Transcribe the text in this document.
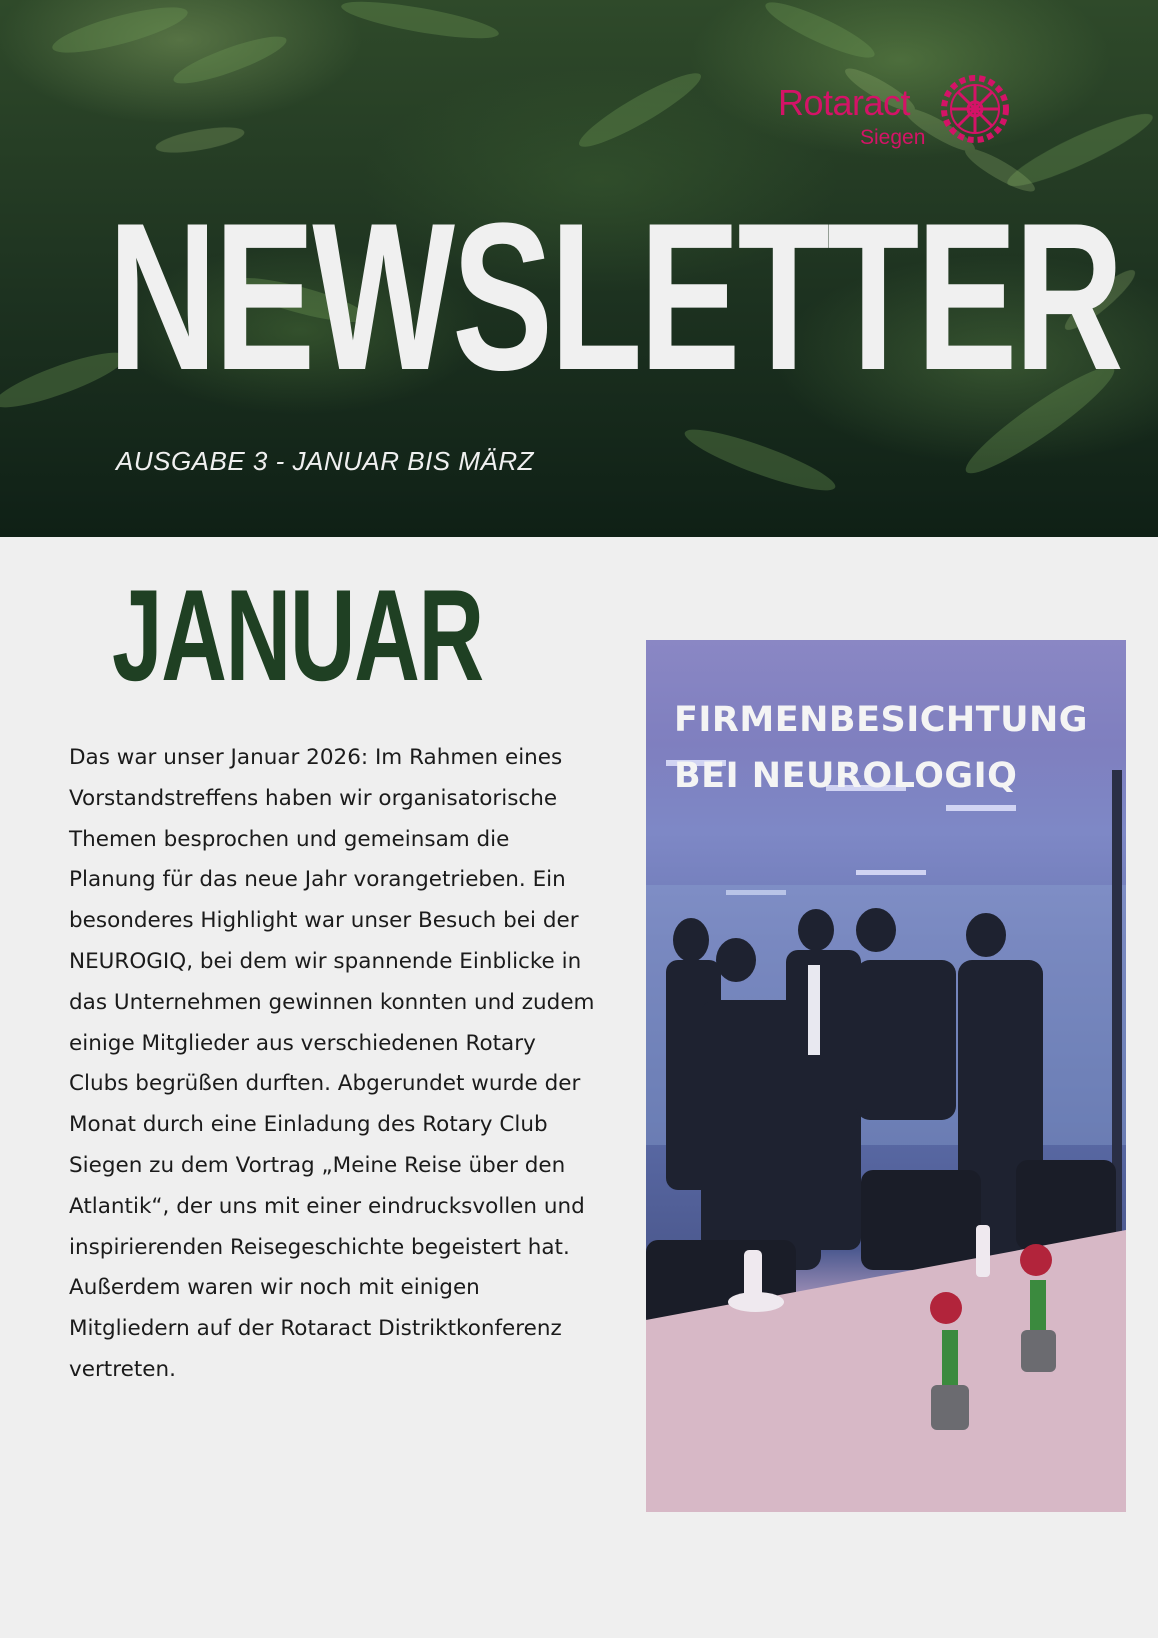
Rotaract
Siegen
NEWSLETTER
AUSGABE 3 - JANUAR BIS MÄRZ
JANUAR

Das war unser Januar 2026: Im Rahmen eines Vorstandstreffens haben wir organisatorische Themen besprochen und gemeinsam die Planung für das neue Jahr vorangetrieben. Ein besonderes Highlight war unser Besuch bei der NEUROGIQ, bei dem wir spannende Einblicke in das Unternehmen gewinnen konnten und zudem einige Mitglieder aus verschiedenen Rotary Clubs begrüßen durften. Abgerundet wurde der Monat durch eine Einladung des Rotary Club Siegen zu dem Vortrag „Meine Reise über den Atlantik“, der uns mit einer eindrucksvollen und inspirierenden Reisegeschichte begeistert hat. Außerdem waren wir noch mit einigen Mitgliedern auf der Rotaract Distriktkonferenz vertreten.

FIRMENBESICHTUNG BEI NEUROLOGIQ
